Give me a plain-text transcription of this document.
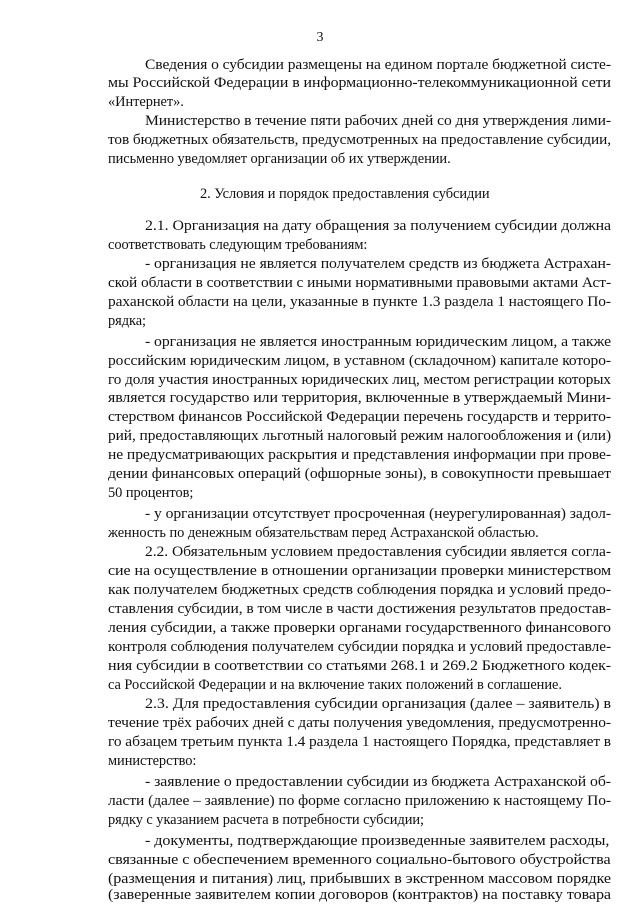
3
Сведения о субсидии размещены на едином портале бюджетной систе-
мы Российской Федерации в информационно-телекоммуникационной сети
«Интернет».
Министерство в течение пяти рабочих дней со дня утверждения лими-
тов бюджетных обязательств, предусмотренных на предоставление субсидии,
письменно уведомляет организации об их утверждении.
2. Условия и порядок предоставления субсидии
2.1. Организация на дату обращения за получением субсидии должна
соответствовать следующим требованиям:
- организация не является получателем средств из бюджета Астрахан-
ской области в соответствии с иными нормативными правовыми актами Аст-
раханской области на цели, указанные в пункте 1.3 раздела 1 настоящего По-
рядка;
- организация не является иностранным юридическим лицом, а также
российским юридическим лицом, в уставном (складочном) капитале которо-
го доля участия иностранных юридических лиц, местом регистрации которых
является государство или территория, включенные в утверждаемый Мини-
стерством финансов Российской Федерации перечень государств и террито-
рий, предоставляющих льготный налоговый режим налогообложения и (или)
не предусматривающих раскрытия и представления информации при прове-
дении финансовых операций (офшорные зоны), в совокупности превышает
50 процентов;
- у организации отсутствует просроченная (неурегулированная) задол-
женность по денежным обязательствам перед Астраханской областью.
2.2. Обязательным условием предоставления субсидии является согла-
сие на осуществление в отношении организации проверки министерством
как получателем бюджетных средств соблюдения порядка и условий предо-
ставления субсидии, в том числе в части достижения результатов предостав-
ления субсидии, а также проверки органами государственного финансового
контроля соблюдения получателем субсидии порядка и условий предоставле-
ния субсидии в соответствии со статьями 268.1 и 269.2 Бюджетного кодек-
са Российской Федерации и на включение таких положений в соглашение.
2.3. Для предоставления субсидии организация (далее – заявитель) в
течение трёх рабочих дней с даты получения уведомления, предусмотренно-
го абзацем третьим пункта 1.4 раздела 1 настоящего Порядка, представляет в
министерство:
- заявление о предоставлении субсидии из бюджета Астраханской об-
ласти (далее – заявление) по форме согласно приложению к настоящему По-
рядку с указанием расчета в потребности субсидии;
- документы, подтверждающие произведенные заявителем расходы,
связанные с обеспечением временного социально-бытового обустройства
(размещения и питания) лиц, прибывших в экстренном массовом порядке
(заверенные заявителем копии договоров (контрактов) на поставку товара
